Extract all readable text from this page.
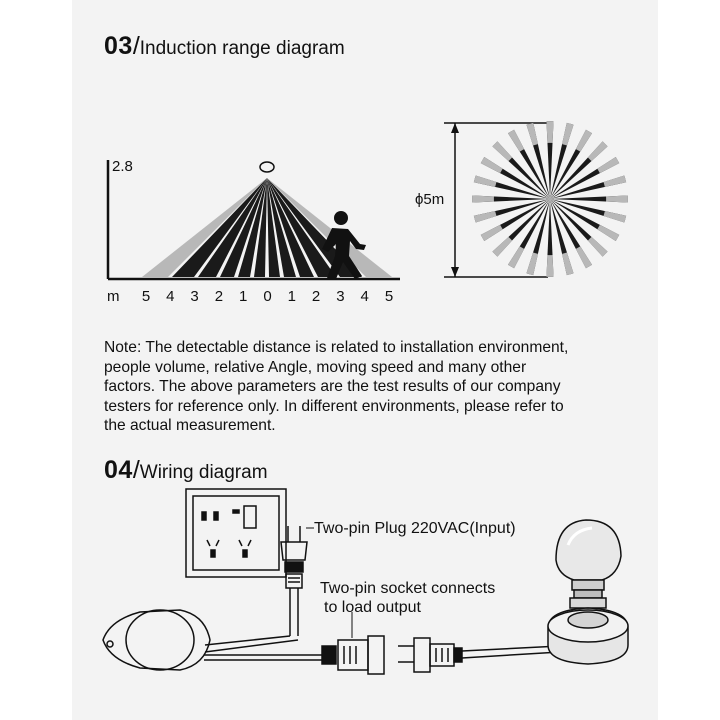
03/Induction range diagram
2.8
m	5	4	3	2	1	0	1	2	3	4	5
ϕ5m

Note: The detectable distance is related to installation environment,

people volume, relative Angle, moving speed and many other

factors. The above parameters are the test results of our company

testers for reference only. In different environments, please refer to

the actual measurement.

04/Wiring diagram
Two-pin Plug 220VAC(Input)
Two-pin socket connects
to load output
